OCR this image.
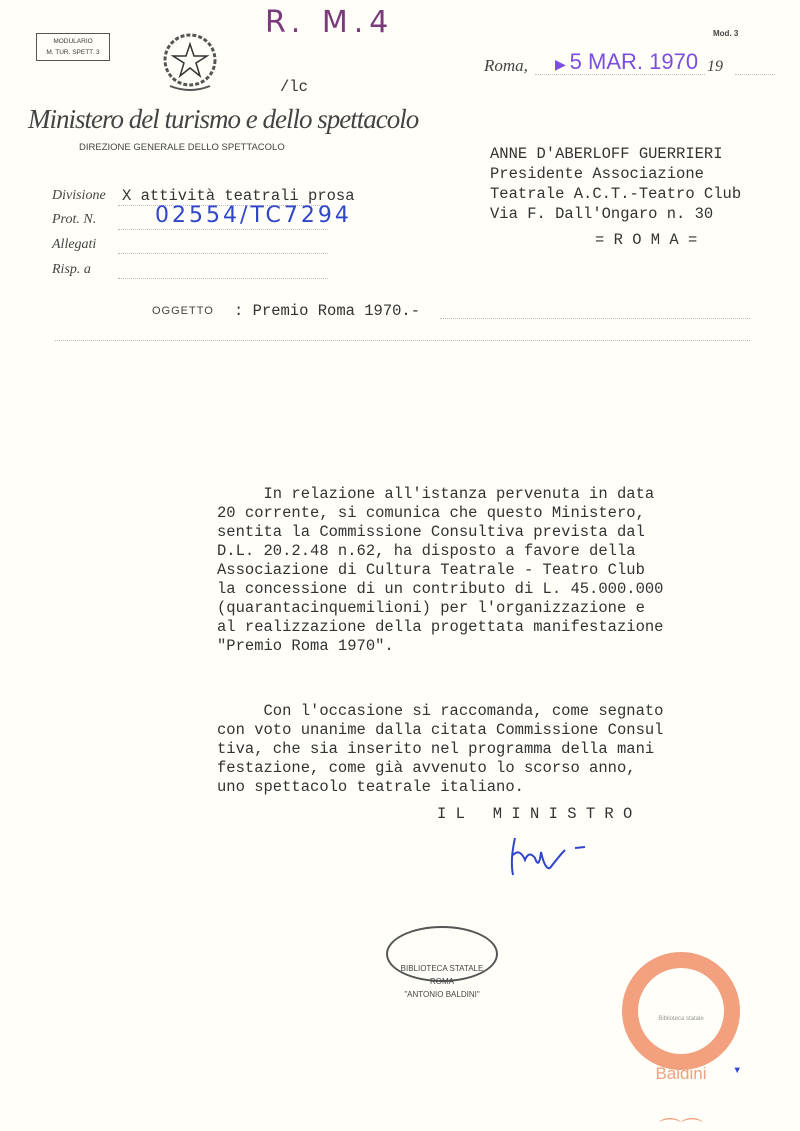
MODULARIO
M. TUR. SPETT. 3
R. M.4	Mod. 3
/lc
Ministero del turismo e dello spettacolo
DIREZIONE GENERALE DELLO SPETTACOLO
Roma, ▶ 5 MAR. 1970 19

ANNE D'ABERLOFF GUERRIERI
Presidente Associazione
Teatrale A.C.T.-Teatro Club
Via F. Dall'Ongaro n. 30
= R O M A =

Divisione X attività teatrali prosa
Prot. N.	02554/TC7294
Allegati
Risp. a
OGGETTO : Premio Roma 1970.-

In relazione all'istanza pervenuta in data
20 corrente, si comunica che questo Ministero,
sentita la Commissione Consultiva prevista dal
D.L. 20.2.48 n.62, ha disposto a favore della
Associazione di Cultura Teatrale - Teatro Club
la concessione di un contributo di L. 45.000.000
(quarantacinquemilioni) per l'organizzazione e
al realizzazione della progettata manifestazione
"Premio Roma 1970".

Con l'occasione si raccomanda, come segnato
con voto unanime dalla citata Commissione Consul
tiva, che sia inserito nel programma della mani
festazione, come già avvenuto lo scorso anno,
uno spettacolo teatrale italiano.

I L   M I N I S T R O

BIBLIOTECA STATALE
ROMA
"ANTONIO BALDINI"

Biblioteca statale

Baldini

⌒⌒

▾
